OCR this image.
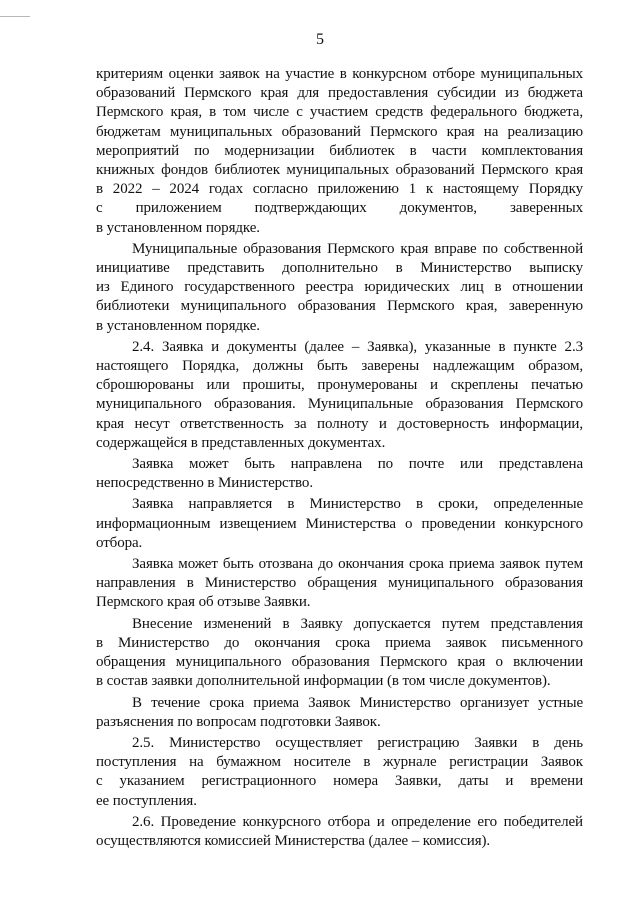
5

критериям оценки заявок на участие в конкурсном отборе муниципальных
образований Пермского края для предоставления субсидии из бюджета
Пермского края, в том числе с участием средств федерального бюджета,
бюджетам муниципальных образований Пермского края на реализацию
мероприятий по модернизации библиотек в части комплектования
книжных фондов библиотек муниципальных образований Пермского края
в 2022 – 2024 годах согласно приложению 1 к настоящему Порядку
с приложением подтверждающих документов, заверенных
в установленном порядке.

Муниципальные образования Пермского края вправе по собственной
инициативе представить дополнительно в Министерство выписку
из Единого государственного реестра юридических лиц в отношении
библиотеки муниципального образования Пермского края, заверенную
в установленном порядке.

2.4. Заявка и документы (далее – Заявка), указанные в пункте 2.3
настоящего Порядка, должны быть заверены надлежащим образом,
сброшюрованы или прошиты, пронумерованы и скреплены печатью
муниципального образования. Муниципальные образования Пермского
края несут ответственность за полноту и достоверность информации,
содержащейся в представленных документах.

Заявка может быть направлена по почте или представлена
непосредственно в Министерство.

Заявка направляется в Министерство в сроки, определенные
информационным извещением Министерства о проведении конкурсного
отбора.

Заявка может быть отозвана до окончания срока приема заявок путем
направления в Министерство обращения муниципального образования
Пермского края об отзыве Заявки.

Внесение изменений в Заявку допускается путем представления
в Министерство до окончания срока приема заявок письменного
обращения муниципального образования Пермского края о включении
в состав заявки дополнительной информации (в том числе документов).

В течение срока приема Заявок Министерство организует устные
разъяснения по вопросам подготовки Заявок.

2.5. Министерство осуществляет регистрацию Заявки в день
поступления на бумажном носителе в журнале регистрации Заявок
с указанием регистрационного номера Заявки, даты и времени
ее поступления.

2.6. Проведение конкурсного отбора и определение его победителей
осуществляются комиссией Министерства (далее – комиссия).
